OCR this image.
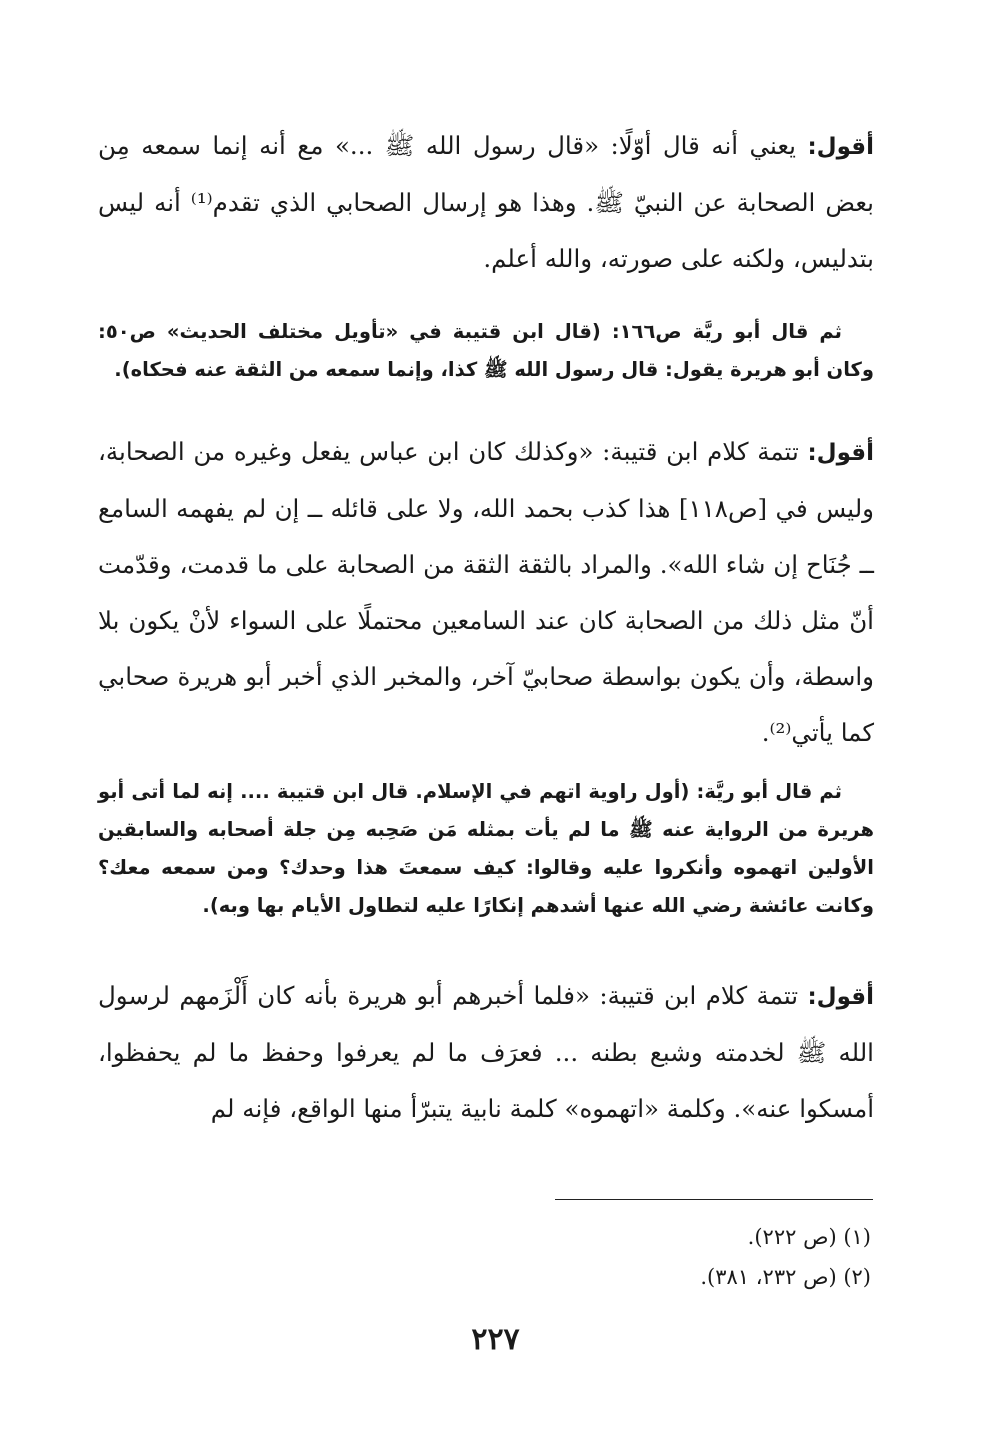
أقول: يعني أنه قال أوّلًا: «قال رسول الله ﷺ ...» مع أنه إنما سمعه مِن بعض الصحابة عن النبيّ ﷺ. وهذا هو إرسال الصحابي الذي تقدم⁽¹⁾ أنه ليس بتدليس، ولكنه على صورته، والله أعلم.
ثم قال أبو ريَّة ص١٦٦: (قال ابن قتيبة في «تأويل مختلف الحديث» ص٥٠: وكان أبو هريرة يقول: قال رسول الله ﷺ كذا، وإنما سمعه من الثقة عنه فحكاه).
أقول: تتمة كلام ابن قتيبة: «وكذلك كان ابن عباس يفعل وغيره من الصحابة، وليس في [ص١١٨] هذا كذب بحمد الله، ولا على قائله ــ إن لم يفهمه السامع ــ جُنَاح إن شاء الله». والمراد بالثقة الثقة من الصحابة على ما قدمت، وقدّمت أنّ مثل ذلك من الصحابة كان عند السامعين محتملًا على السواء لأنْ يكون بلا واسطة، وأن يكون بواسطة صحابيّ آخر، والمخبر الذي أخبر أبو هريرة صحابي كما يأتي⁽²⁾.
ثم قال أبو ريَّة: (أول راوية اتهم في الإسلام. قال ابن قتيبة .... إنه لما أتى أبو هريرة من الرواية عنه ﷺ ما لم يأت بمثله مَن صَحِبه مِن جلة أصحابه والسابقين الأولين اتهموه وأنكروا عليه وقالوا: كيف سمعتَ هذا وحدك؟ ومن سمعه معك؟ وكانت عائشة رضي الله عنها أشدهم إنكارًا عليه لتطاول الأيام بها وبه).
أقول: تتمة كلام ابن قتيبة: «فلما أخبرهم أبو هريرة بأنه كان أَلْزَمهم لرسول الله ﷺ لخدمته وشبع بطنه ... فعرَف ما لم يعرفوا وحفظ ما لم يحفظوا، أمسكوا عنه». وكلمة «اتهموه» كلمة نابية يتبرّأ منها الواقع، فإنه لم
(١) (ص ٢٢٢).
(٢) (ص ٢٣٢، ٣٨١).
٢٢٧
